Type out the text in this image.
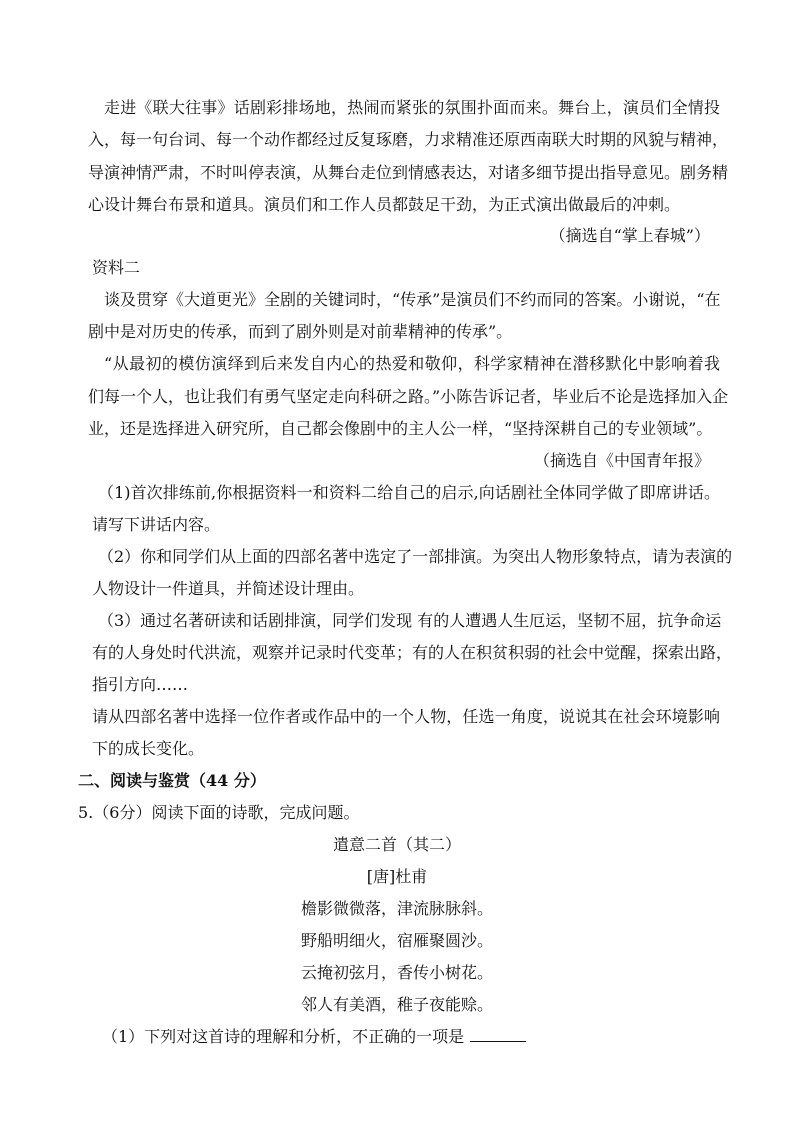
走进《联大往事》话剧彩排场地，热闹而紧张的氛围扑面而来。舞台上，演员们全情投
入，每一句台词、每一个动作都经过反复琢磨，力求精准还原西南联大时期的风貌与精神，
导演神情严肃，不时叫停表演，从舞台走位到情感表达，对诸多细节提出指导意见。剧务精
心设计舞台布景和道具。演员们和工作人员都鼓足干劲，为正式演出做最后的冲刺。
（摘选自“掌上春城”）
资料二
谈及贯穿《大道更光》全剧的关键词时，“传承”是演员们不约而同的答案。小谢说，“在
剧中是对历史的传承，而到了剧外则是对前辈精神的传承”。
“从最初的模仿演绎到后来发自内心的热爱和敬仰，科学家精神在潜移默化中影响着我
们每一个人，也让我们有勇气坚定走向科研之路。”小陈告诉记者，毕业后不论是选择加入企
业，还是选择进入研究所，自己都会像剧中的主人公一样，“坚持深耕自己的专业领域”。
（摘选自《中国青年报》
（1)首次排练前,你根据资料一和资料二给自己的启示,向话剧社全体同学做了即席讲话。
请写下讲话内容。
（2）你和同学们从上面的四部名著中选定了一部排演。为突出人物形象特点，请为表演的
人物设计一件道具，并简述设计理由。
（3）通过名著研读和话剧排演，同学们发现 有的人遭遇人生厄运，坚韧不屈，抗争命运
有的人身处时代洪流，观察并记录时代变革；有的人在积贫积弱的社会中觉醒，探索出路，
指引方向……
请从四部名著中选择一位作者或作品中的一个人物，任选一角度，说说其在社会环境影响
下的成长变化。
二、阅读与鉴赏（44 分）
5.（6分）阅读下面的诗歌，完成问题。
遣意二首（其二）
[唐]杜甫
檐影微微落，津流脉脉斜。
野船明细火，宿雁聚圆沙。
云掩初弦月，香传小树花。
邻人有美酒，稚子夜能赊。
（1）下列对这首诗的理解和分析，不正确的一项是
